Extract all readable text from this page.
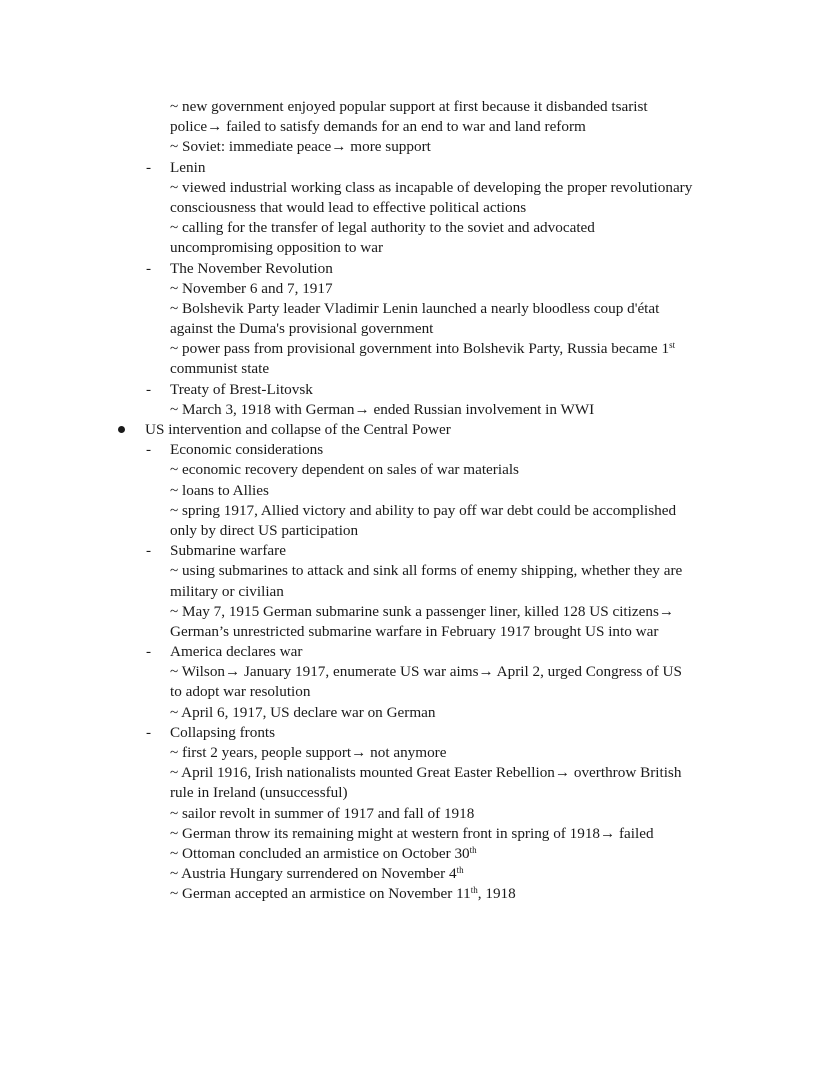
~ new government enjoyed popular support at first because it disbanded tsarist
police→ failed to satisfy demands for an end to war and land reform
~ Soviet: immediate peace→ more support
- Lenin
~ viewed industrial working class as incapable of developing the proper revolutionary
consciousness that would lead to effective political actions
~ calling for the transfer of legal authority to the soviet and advocated
uncompromising opposition to war
- The November Revolution
~ November 6 and 7, 1917
~ Bolshevik Party leader Vladimir Lenin launched a nearly bloodless coup d'état
against the Duma's provisional government
~ power pass from provisional government into Bolshevik Party, Russia became 1st
communist state
- Treaty of Brest-Litovsk
~ March 3, 1918 with German→ ended Russian involvement in WWI
US intervention and collapse of the Central Power
- Economic considerations
~ economic recovery dependent on sales of war materials
~ loans to Allies
~ spring 1917, Allied victory and ability to pay off war debt could be accomplished
only by direct US participation
- Submarine warfare
~ using submarines to attack and sink all forms of enemy shipping, whether they are
military or civilian
~ May 7, 1915 German submarine sunk a passenger liner, killed 128 US citizens→
German’s unrestricted submarine warfare in February 1917 brought US into war
- America declares war
~ Wilson→ January 1917, enumerate US war aims→ April 2, urged Congress of US
to adopt war resolution
~ April 6, 1917, US declare war on German
- Collapsing fronts
~ first 2 years, people support→ not anymore
~ April 1916, Irish nationalists mounted Great Easter Rebellion→ overthrow British
rule in Ireland (unsuccessful)
~ sailor revolt in summer of 1917 and fall of 1918
~ German throw its remaining might at western front in spring of 1918→ failed
~ Ottoman concluded an armistice on October 30th
~ Austria Hungary surrendered on November 4th
~ German accepted an armistice on November 11th, 1918
